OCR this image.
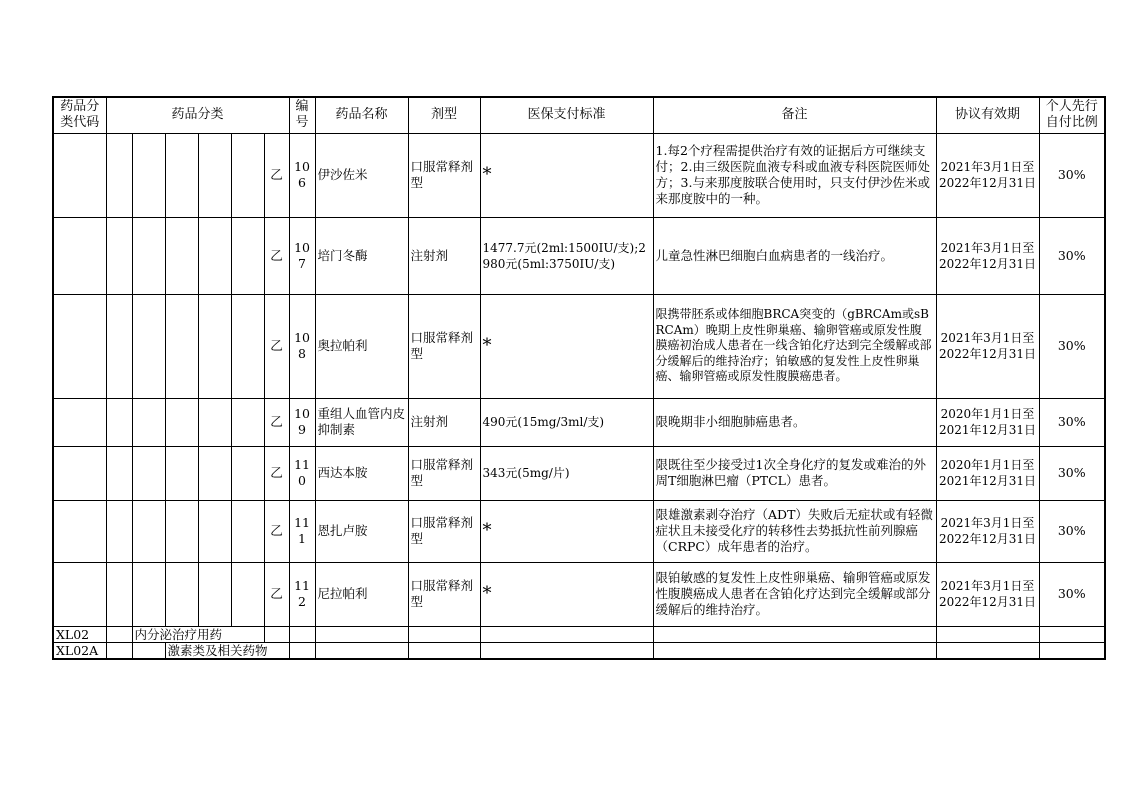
药品分类代码	药品分类						编号	药品名称	剂型	医保支付标准	备注	协议有效期	个人先行自付比例
						乙	106	伊沙佐米	口服常释剂型	*	1.每2个疗程需提供治疗有效的证据后方可继续支付；2.由三级医院血液专科或血液专科医院医师处方；3.与来那度胺联合使用时，只支付伊沙佐米或来那度胺中的一种。	2021年3月1日至
2022年12月31日	30%
						乙	107	培门冬酶	注射剂	1477.7元(2ml:1500IU/支);2980元(5ml:3750IU/支)	儿童急性淋巴细胞白血病患者的一线治疗。	2021年3月1日至
2022年12月31日	30%
						乙	108	奥拉帕利	口服常释剂型	*	限携带胚系或体细胞BRCA突变的（gBRCAm或sBRCAm）晚期上皮性卵巢癌、输卵管癌或原发性腹膜癌初治成人患者在一线含铂化疗达到完全缓解或部分缓解后的维持治疗；铂敏感的复发性上皮性卵巢癌、输卵管癌或原发性腹膜癌患者。	2021年3月1日至
2022年12月31日	30%
						乙	109	重组人血管内皮抑制素	注射剂	490元(15mg/3ml/支)	限晚期非小细胞肺癌患者。	2020年1月1日至
2021年12月31日	30%
						乙	110	西达本胺	口服常释剂型	343元(5mg/片)	限既往至少接受过1次全身化疗的复发或难治的外周T细胞淋巴瘤（PTCL）患者。	2020年1月1日至
2021年12月31日	30%
						乙	111	恩扎卢胺	口服常释剂型	*	限雄激素剥夺治疗（ADT）失败后无症状或有轻微症状且未接受化疗的转移性去势抵抗性前列腺癌（CRPC）成年患者的治疗。	2021年3月1日至
2022年12月31日	30%
						乙	112	尼拉帕利	口服常释剂型	*	限铂敏感的复发性上皮性卵巢癌、输卵管癌或原发性腹膜癌成人患者在含铂化疗达到完全缓解或部分缓解后的维持治疗。	2021年3月1日至
2022年12月31日	30%
XL02		内分泌治疗用药											
XL02A			激素类及相关药物										
